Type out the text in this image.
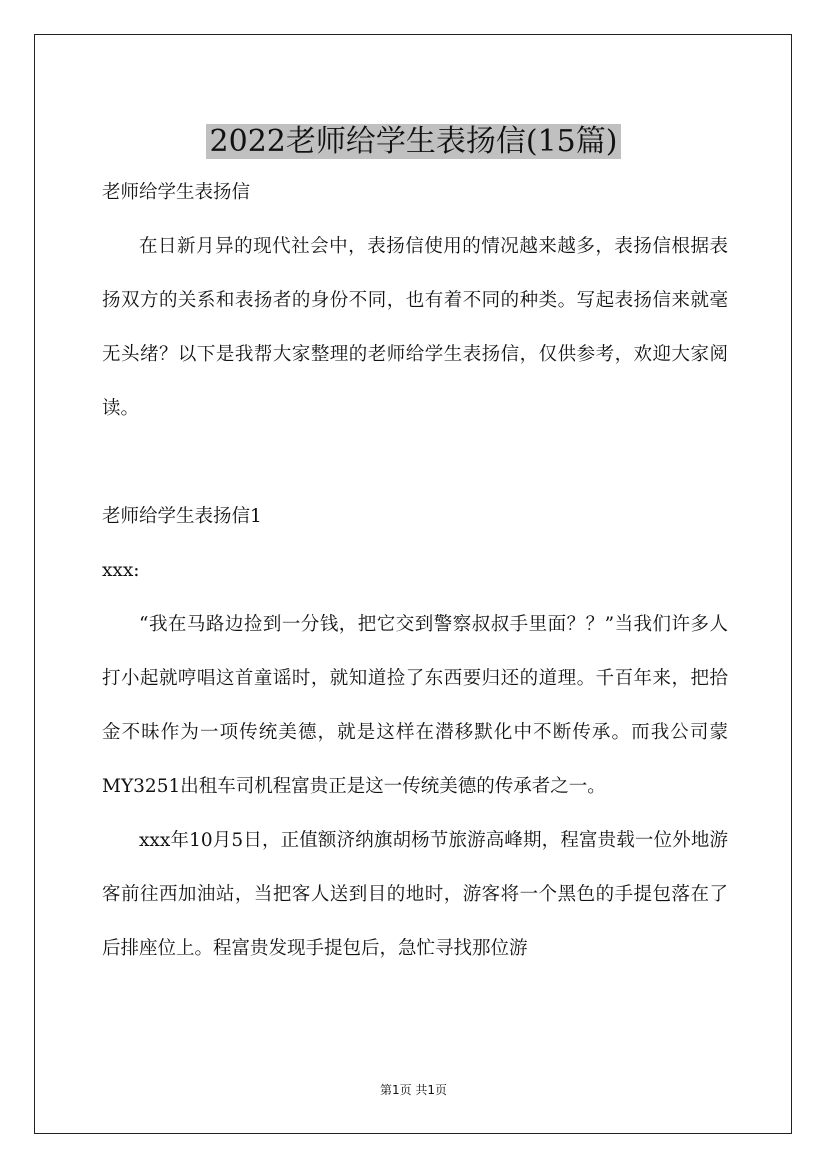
2022老师给学生表扬信(15篇)

老师给学生表扬信

在日新月异的现代社会中，表扬信使用的情况越来越多，表扬信根据表扬双方的关系和表扬者的身份不同，也有着不同的种类。写起表扬信来就毫无头绪？以下是我帮大家整理的老师给学生表扬信，仅供参考，欢迎大家阅读。

老师给学生表扬信1

xxx:

“我在马路边捡到一分钱，把它交到警察叔叔手里面？？”当我们许多人打小起就哼唱这首童谣时，就知道捡了东西要归还的道理。千百年来，把拾金不昧作为一项传统美德，就是这样在潜移默化中不断传承。而我公司蒙MY3251出租车司机程富贵正是这一传统美德的传承者之一。

xxx年10月5日，正值额济纳旗胡杨节旅游高峰期，程富贵载一位外地游客前往西加油站，当把客人送到目的地时，游客将一个黑色的手提包落在了后排座位上。程富贵发现手提包后，急忙寻找那位游

第1页 共1页
